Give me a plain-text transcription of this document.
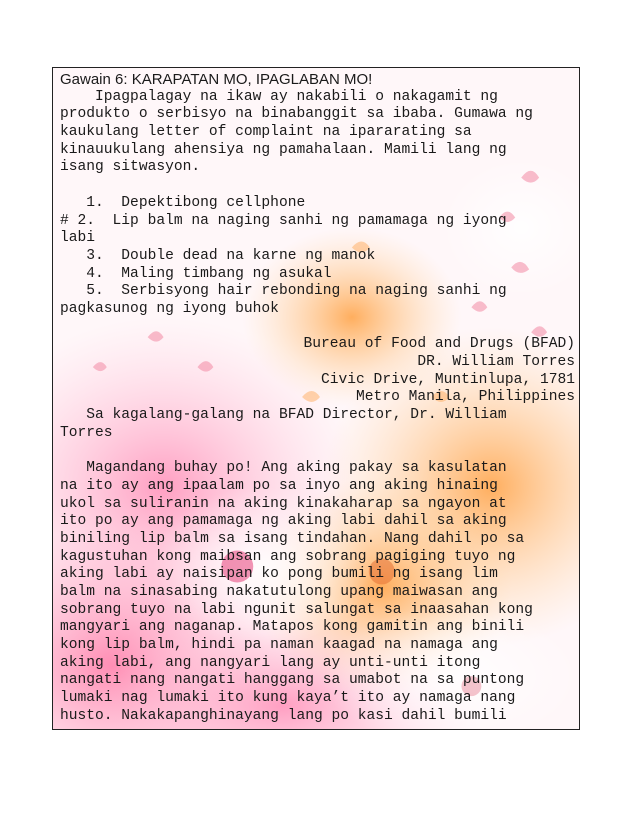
Gawain 6: KARAPATAN MO, IPAGLABAN MO!
Ipagpalagay na ikaw ay nakabili o nakagamit ng
produkto o serbisyo na binabanggit sa ibaba. Gumawa ng
kaukulang letter of complaint na ipararating sa
kinauukulang ahensiya ng pamahalaan. Mamili lang ng
isang sitwasyon.
1.  Depektibong cellphone
# 2.  Lip balm na naging sanhi ng pamamaga ng iyong
labi
3.  Double dead na karne ng manok
4.  Maling timbang ng asukal
5.  Serbisyong hair rebonding na naging sanhi ng
pagkasunog ng iyong buhok
Bureau of Food and Drugs (BFAD)
DR. William Torres
Civic Drive, Muntinlupa, 1781
Metro Manila, Philippines
Sa kagalang-galang na BFAD Director, Dr. William
Torres
Magandang buhay po! Ang aking pakay sa kasulatan
na ito ay ang ipaalam po sa inyo ang aking hinaing
ukol sa suliranin na aking kinakaharap sa ngayon at
ito po ay ang pamamaga ng aking labi dahil sa aking
biniling lip balm sa isang tindahan. Nang dahil po sa
kagustuhan kong maibsan ang sobrang pagiging tuyo ng
aking labi ay naisipan ko pong bumili ng isang lim
balm na sinasabing nakatutulong upang maiwasan ang
sobrang tuyo na labi ngunit salungat sa inaasahan kong
mangyari ang naganap. Matapos kong gamitin ang binili
kong lip balm, hindi pa naman kaagad na namaga ang
aking labi, ang nangyari lang ay unti-unti itong
nangati nang nangati hanggang sa umabot na sa puntong
lumaki nag lumaki ito kung kaya’t ito ay namaga nang
husto. Nakakapanghinayang lang po kasi dahil bumili
